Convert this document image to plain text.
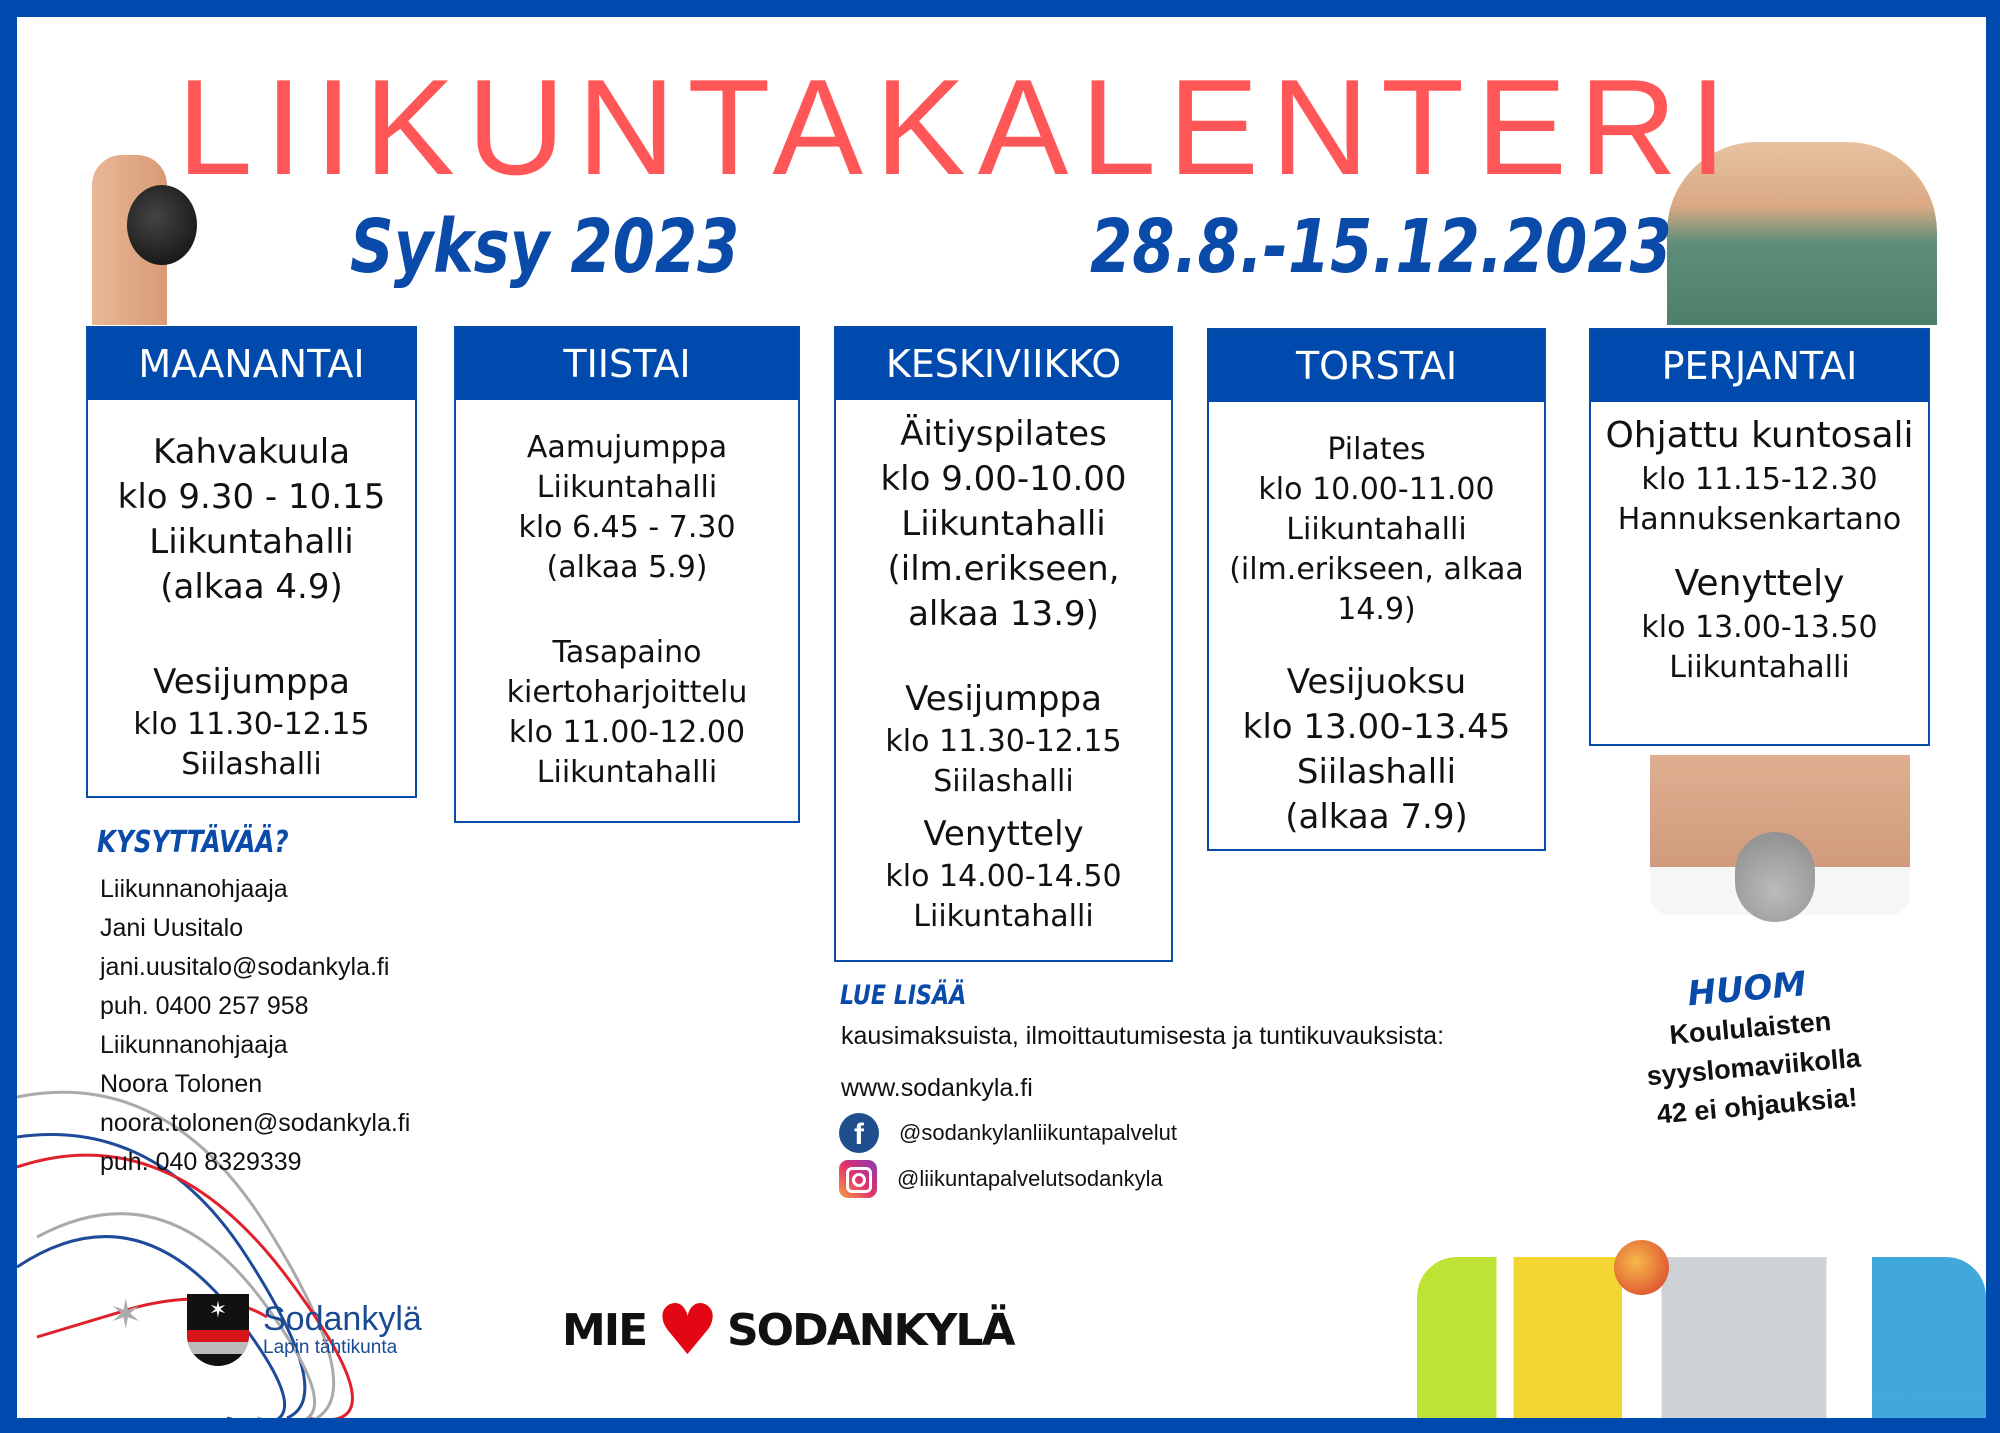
LIIKUNTAKALENTERI
Syksy 2023	28.8.-15.12.2023
MAANANTAI
Kahvakuula
klo 9.30 - 10.15
Liikuntahalli
(alkaa 4.9)
Vesijumppa
klo 11.30-12.15
Siilashalli
TIISTAI
Aamujumppa
Liikuntahalli
klo 6.45 - 7.30
(alkaa 5.9)
Tasapaino
kiertoharjoittelu
klo 11.00-12.00
Liikuntahalli
KESKIVIIKKO
Äitiyspilates
klo 9.00-10.00
Liikuntahalli
(ilm.erikseen,
alkaa 13.9)
Vesijumppa
klo 11.30-12.15
Siilashalli
Venyttely
klo 14.00-14.50
Liikuntahalli
TORSTAI
Pilates
klo 10.00-11.00
Liikuntahalli
(ilm.erikseen, alkaa
14.9)
Vesijuoksu
klo 13.00-13.45
Siilashalli
(alkaa 7.9)
PERJANTAI
Ohjattu kuntosali
klo 11.15-12.30
Hannuksenkartano
Venyttely
klo 13.00-13.50
Liikuntahalli
KYSYTTÄVÄÄ?
Liikunnanohjaaja
Jani Uusitalo
jani.uusitalo@sodankyla.fi
puh. 0400 257 958
Liikunnanohjaaja
Noora Tolonen
noora.tolonen@sodankyla.fi
puh. 040 8329339
LUE LISÄÄ
kausimaksuista, ilmoittautumisesta ja tuntikuvauksista:
www.sodankyla.fi
f	@sodankylanliikuntapalvelut
@liikuntapalvelutsodankyla
HUOM
Koululaisten
syyslomaviikolla
42 ei ohjauksia!
✶	✶	Sodankylä
Lapin tähtikunta	MIE ♥ SODANKYLÄ
